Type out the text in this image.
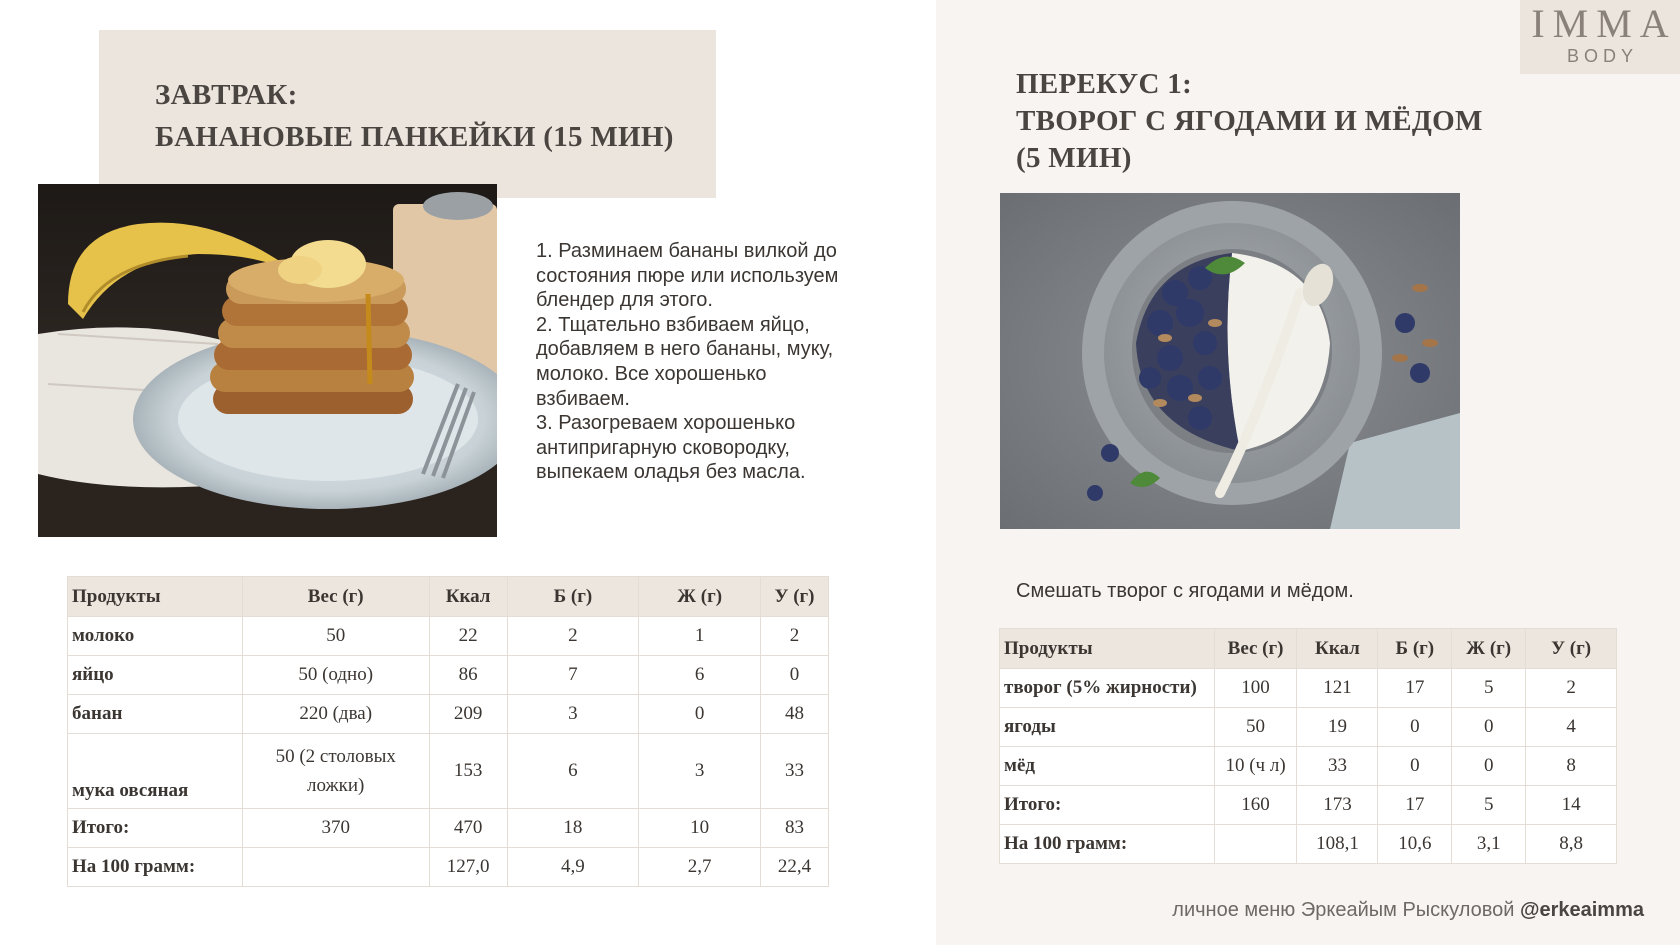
ЗАВТРАК:
БАНАНОВЫЕ ПАНКЕЙКИ (15 МИН)
1. Разминаем бананы вилкой до
состояния пюре или используем
блендер для этого.
2. Тщательно взбиваем яйцо,
добавляем в него бананы, муку,
молоко. Все хорошенько
взбиваем.
3. Разогреваем хорошенько
антипригарную сковородку,
выпекаем оладья без масла.
Продукты	Вес (г)	Ккал	Б (г)	Ж (г)	У (г)
молоко	50	22	2	1	2
яйцо	50 (одно)	86	7	6	0
банан	220 (два)	209	3	0	48
мука овсяная	50 (2 столовых ложки)	153	6	3	33
Итого:	370	470	18	10	83
На 100 грамм:		127,0	4,9	2,7	22,4
IMMA
BODY
ПЕРЕКУС 1:
ТВОРОГ С ЯГОДАМИ И МЁДОМ
(5 МИН)
Смешать творог с ягодами и мёдом.
Продукты	Вес (г)	Ккал	Б (г)	Ж (г)	У (г)
творог (5% жирности)	100	121	17	5	2
ягоды	50	19	0	0	4
мёд	10 (ч л)	33	0	0	8
Итого:	160	173	17	5	14
На 100 грамм:		108,1	10,6	3,1	8,8
личное меню Эркеайым Рыскуловой @erkeaimma
